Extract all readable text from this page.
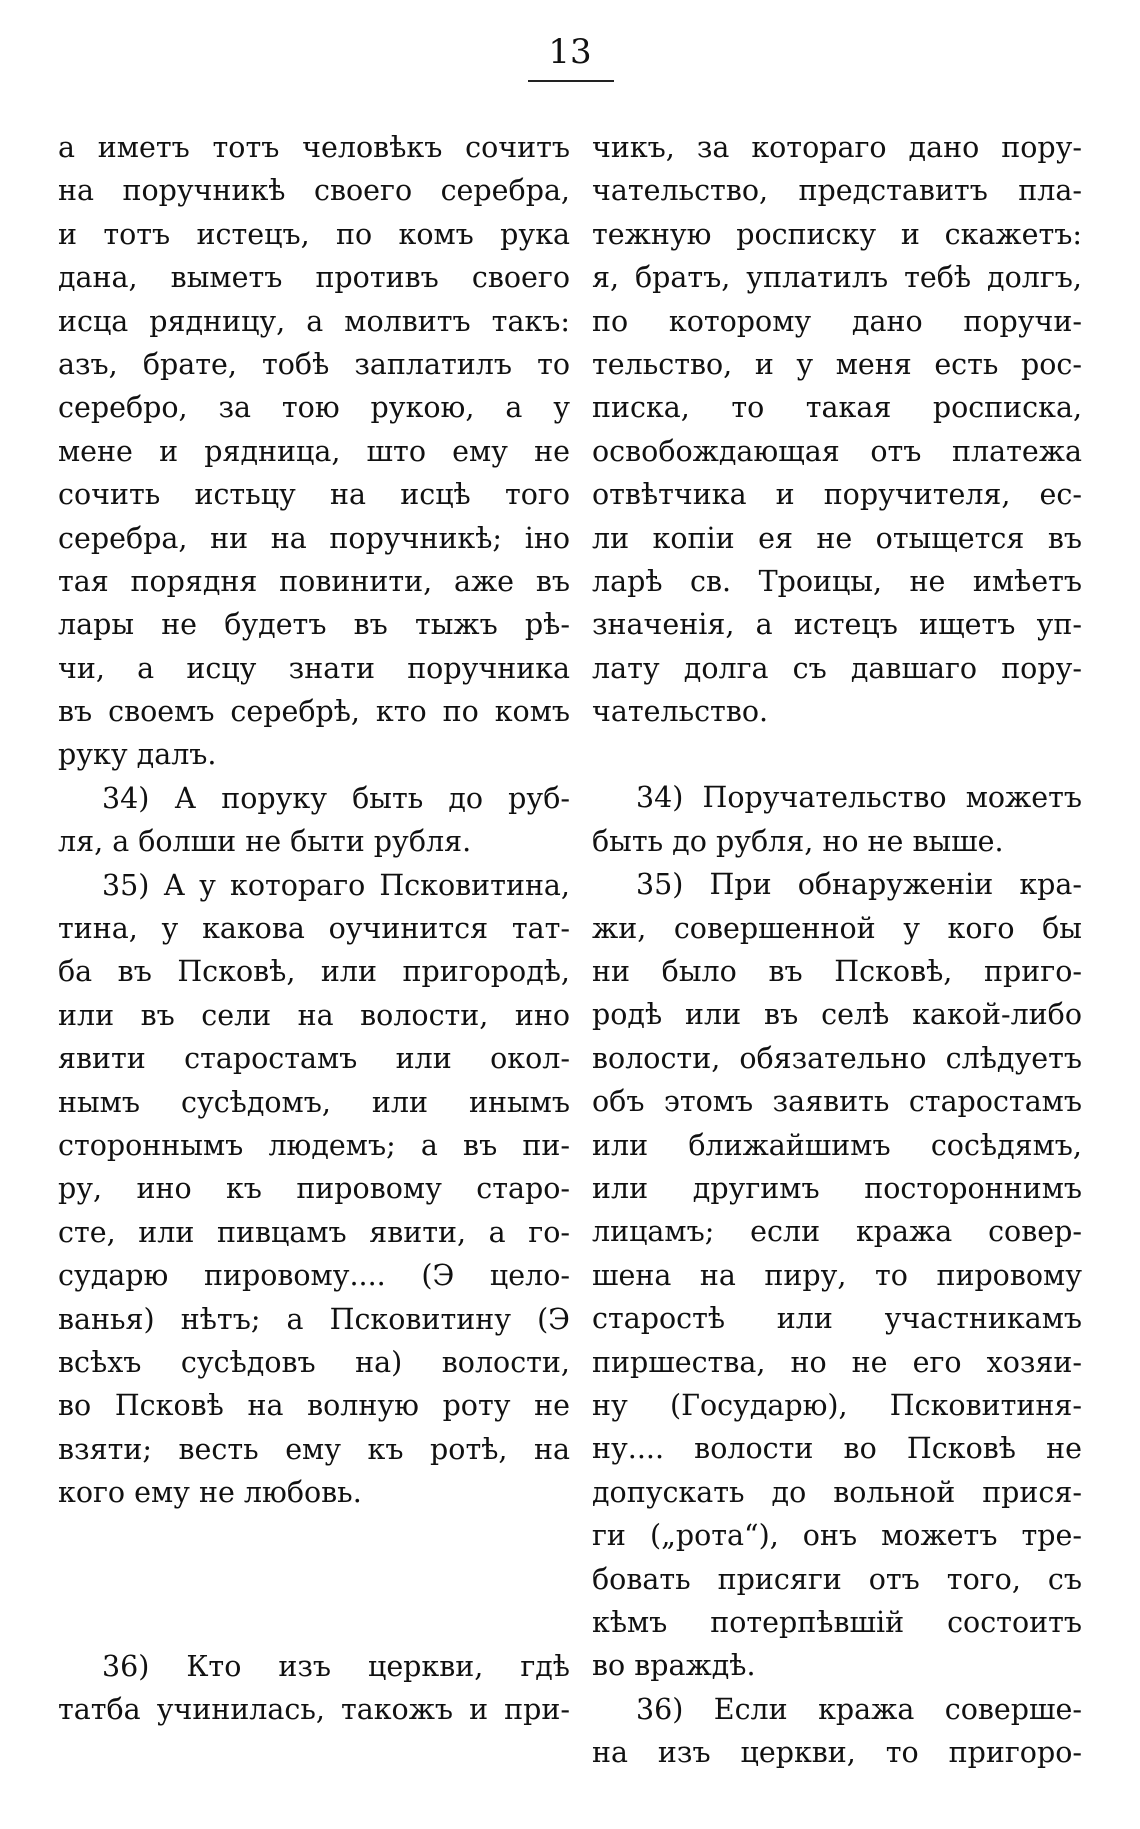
13
а иметъ тотъ человѣкъ сочитъ
на поручникѣ своего серебра,
и тотъ истецъ, по комъ рука
дана, выметъ противъ своего
исца рядницу, а молвитъ такъ:
азъ, брате, тобѣ заплатилъ то
серебро, за тою рукою, а у
мене и рядница, што ему не
сочить истьцу на исцѣ того
серебра, ни на поручникѣ; іно
тая порядня повинити, аже въ
лары не будетъ въ тыжъ рѣ-
чи, а исцу знати поручника
въ своемъ серебрѣ, кто по комъ
руку далъ.
34) А поруку быть до руб-
ля, а болши не быти рубля.
35) А у котораго Псковитина,
тина, у какова оучинится тат-
ба въ Псковѣ, или пригородѣ,
или въ сели на волости, ино
явити старостамъ или окол-
нымъ сусѣдомъ, или инымъ
стороннымъ людемъ; а въ пи-
ру, ино къ пировому старо-
сте, или пивцамъ явити, а го-
сударю пировому.... (Э цело-
ванья) нѣтъ; а Псковитину (Э
всѣхъ сусѣдовъ на) волости,
во Псковѣ на волную роту не
взяти; весть ему къ ротѣ, на
кого ему не любовь.
36) Кто изъ церкви, гдѣ
татба учинилась, такожъ и при-
чикъ, за котораго дано пору-
чательство, представитъ пла-
тежную росписку и скажетъ:
я, братъ, уплатилъ тебѣ долгъ,
по которому дано поручи-
тельство, и у меня есть рос-
писка, то такая росписка,
освобождающая отъ платежа
отвѣтчика и поручителя, ес-
ли копіи ея не отыщется въ
ларѣ св. Троицы, не имѣетъ
значенія, а истецъ ищетъ уп-
лату долга съ давшаго пору-
чательство.
34) Поручательство можетъ
быть до рубля, но не выше.
35) При обнаруженіи кра-
жи, совершенной у кого бы
ни было въ Псковѣ, приго-
родѣ или въ селѣ какой-либо
волости, обязательно слѣдуетъ
объ этомъ заявить старостамъ
или ближайшимъ сосѣдямъ,
или другимъ постороннимъ
лицамъ; если кража совер-
шена на пиру, то пировому
старостѣ или участникамъ
пиршества, но не его хозяи-
ну (Государю), Псковитиня-
ну.... волости во Псковѣ не
допускать до вольной прися-
ги („рота“), онъ можетъ тре-
бовать присяги отъ того, съ
кѣмъ потерпѣвшій состоитъ
во враждѣ.
36) Если кража соверше-
на изъ церкви, то пригоро-
